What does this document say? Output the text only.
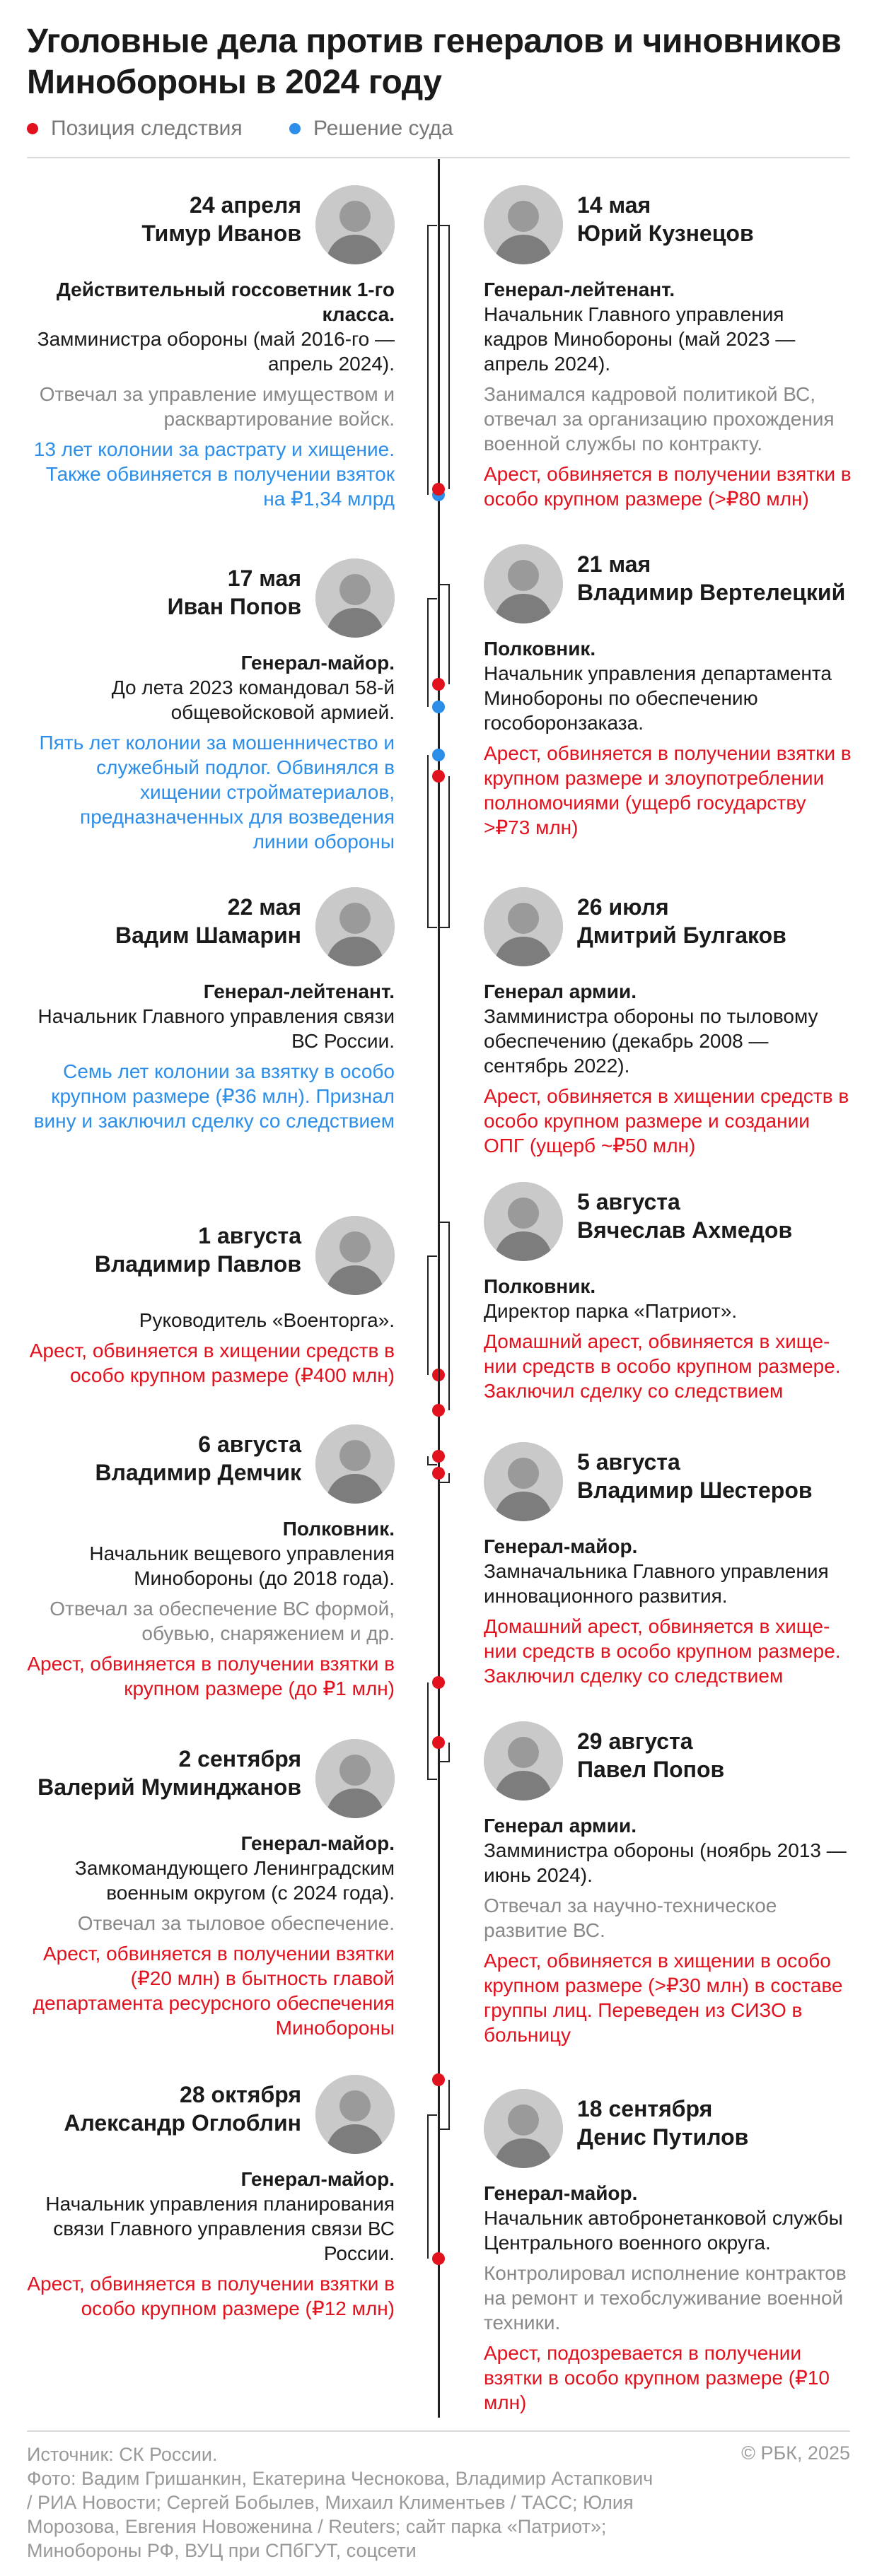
Уголовные дела против генералов и чиновников Минобороны в 2024 году
Позиция следствия
	Решение суда
24 апреля
Тимур Иванов
Действительный госсоветник 1-го класса.
Замминистра обороны (май 2016-го — апрель 2024).
Отвечал за управление имуществом и расквартирование войск.
13 лет колонии за растрату и хищение. Также обвиняется в получении взяток на ₽1,34 млрд
14 мая
Юрий Кузнецов
Генерал-лейтенант.
Начальник Главного управления кадров Минобороны (май 2023 — апрель 2024).
Занимался кадровой политикой ВС, отвечал за организацию прохождения военной службы по контракту.
Арест, обвиняется в получении взятки в особо крупном размере (>₽80 млн)
17 мая
Иван Попов
Генерал-майор.
До лета 2023 командовал 58-й общевойсковой армией.
Пять лет колонии за мошенничество и служебный подлог. Обвинялся в хищении стройматериалов, предназначенных для возведения линии обороны
21 мая
Владимир Вертелецкий
Полковник.
Начальник управления департамента Минобороны по обеспечению гособоронзаказа.
Арест, обвиняется в получении взятки в крупном размере и злоупотреблении полномочиями (ущерб государству >₽73 млн)
22 мая
Вадим Шамарин
Генерал-лейтенант.
Начальник Главного управления связи ВС России.
Семь лет колонии за взятку в особо крупном размере (₽36 млн). Признал вину и заключил сделку со следствием
26 июля
Дмитрий Булгаков
Генерал армии.
Замминистра обороны по тыловому обеспечению (декабрь 2008 — сентябрь 2022).
Арест, обвиняется в хищении средств в особо крупном размере и создании ОПГ (ущерб ~₽50 млн)
1 августа
Владимир Павлов
Руководитель «Военторга».
Арест, обвиняется в хищении средств в особо крупном размере (₽400 млн)
5 августа
Вячеслав Ахмедов
Полковник.
Директор парка «Патриот».
Домашний арест, обвиняется в хище-нии средств в особо крупном размере. Заключил сделку со следствием
6 августа
Владимир Демчик
Полковник.
Начальник вещевого управления Минобороны (до 2018 года).
Отвечал за обеспечение ВС формой, обувью, снаряжением и др.
Арест, обвиняется в получении взятки в крупном размере (до ₽1 млн)
5 августа
Владимир Шестеров
Генерал-майор.
Замначальника Главного управления инновационного развития.
Домашний арест, обвиняется в хище-нии средств в особо крупном размере. Заключил сделку со следствием
2 сентября
Валерий Муминджанов
Генерал-майор.
Замкомандующего Ленинградским военным округом (с 2024 года).
Отвечал за тыловое обеспечение.
Арест, обвиняется в получении взятки (₽20 млн) в бытность главой департамента ресурсного обеспечения Минобороны
29 августа
Павел Попов
Генерал армии.
Замминистра обороны (ноябрь 2013 — июнь 2024).
Отвечал за научно-техническое развитие ВС.
Арест, обвиняется в хищении в особо крупном размере (>₽30 млн) в составе группы лиц. Переведен из СИЗО в больницу
28 октября
Александр Оглоблин
Генерал-майор.
Начальник управления планирования связи Главного управления связи ВС России.
Арест, обвиняется в получении взятки в особо крупном размере (₽12 млн)
18 сентября
Денис Путилов
Генерал-майор.
Начальник автобронетанковой службы Центрального военного округа.
Контролировал исполнение контрактов на ремонт и техобслуживание военной техники.
Арест, подозревается в получении взятки в особо крупном размере (₽10 млн)
Источник: СК России.
Фото: Вадим Гришанкин, Екатерина Чеснокова, Владимир Астапкович / РИА Новости; Сергей Бобылев, Михаил Климентьев / ТАСС; Юлия Морозова, Евгения Новоженина / Reuters; сайт парка «Патриот»; Минобороны РФ, ВУЦ при СПбГУТ, соцсети
© РБК, 2025
